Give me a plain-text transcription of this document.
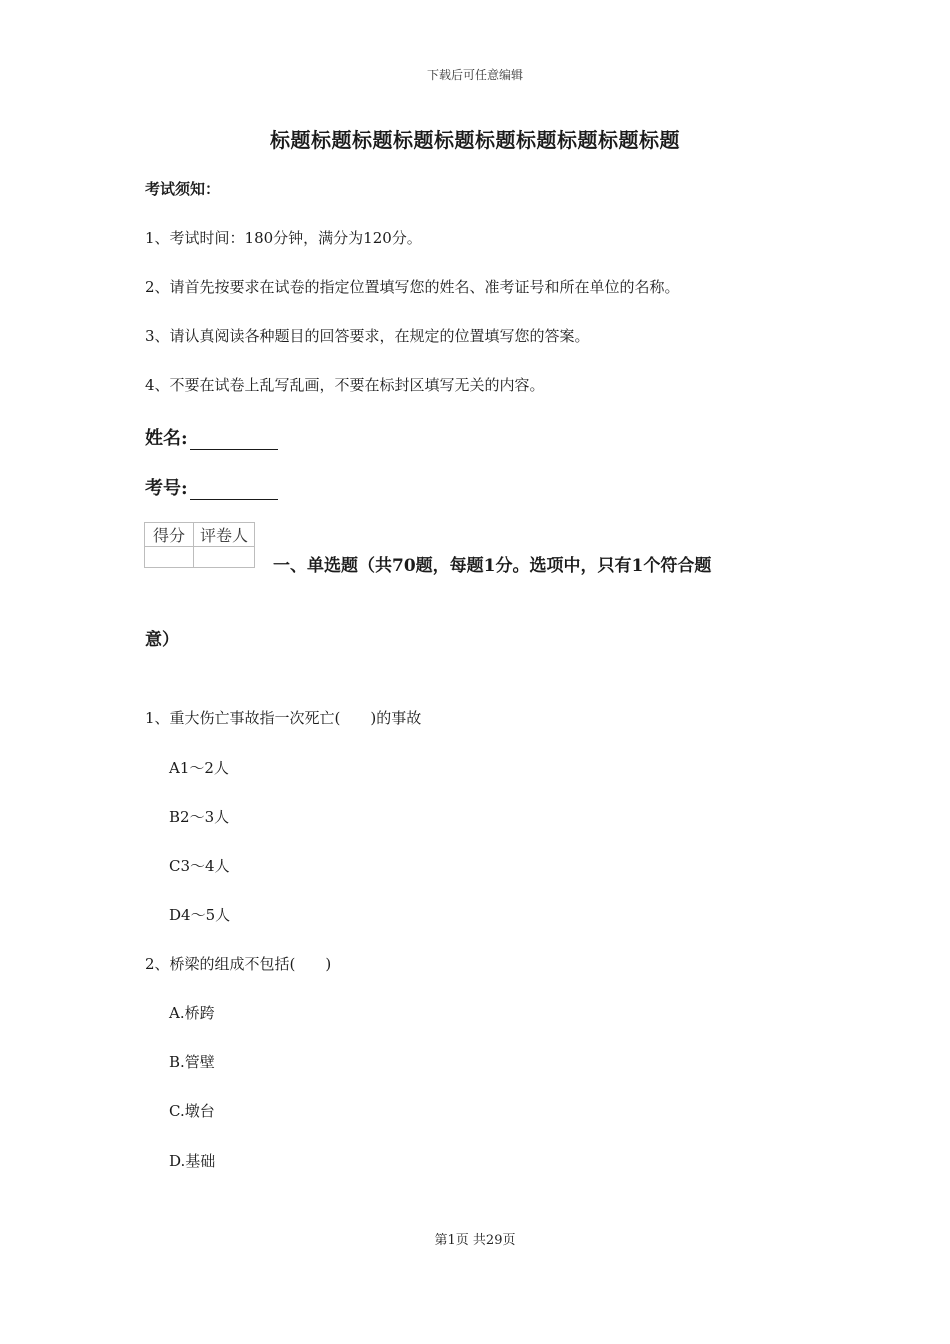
下载后可任意编辑
标题标题标题标题标题标题标题标题标题标题
考试须知：
1、考试时间：180分钟，满分为120分。
2、请首先按要求在试卷的指定位置填写您的姓名、准考证号和所在单位的名称。
3、请认真阅读各种题目的回答要求，在规定的位置填写您的答案。
4、不要在试卷上乱写乱画，不要在标封区填写无关的内容。
姓名:
考号:
得分	评卷人

一、单选题（共70题，每题1分。选项中，只有1个符合题
意）
1、重大伤亡事故指一次死亡(　　)的事故
A1～2人
B2～3人
C3～4人
D4～5人
2、桥梁的组成不包括(　　)
A.桥跨
B.管壁
C.墩台
D.基础
第1页 共29页
